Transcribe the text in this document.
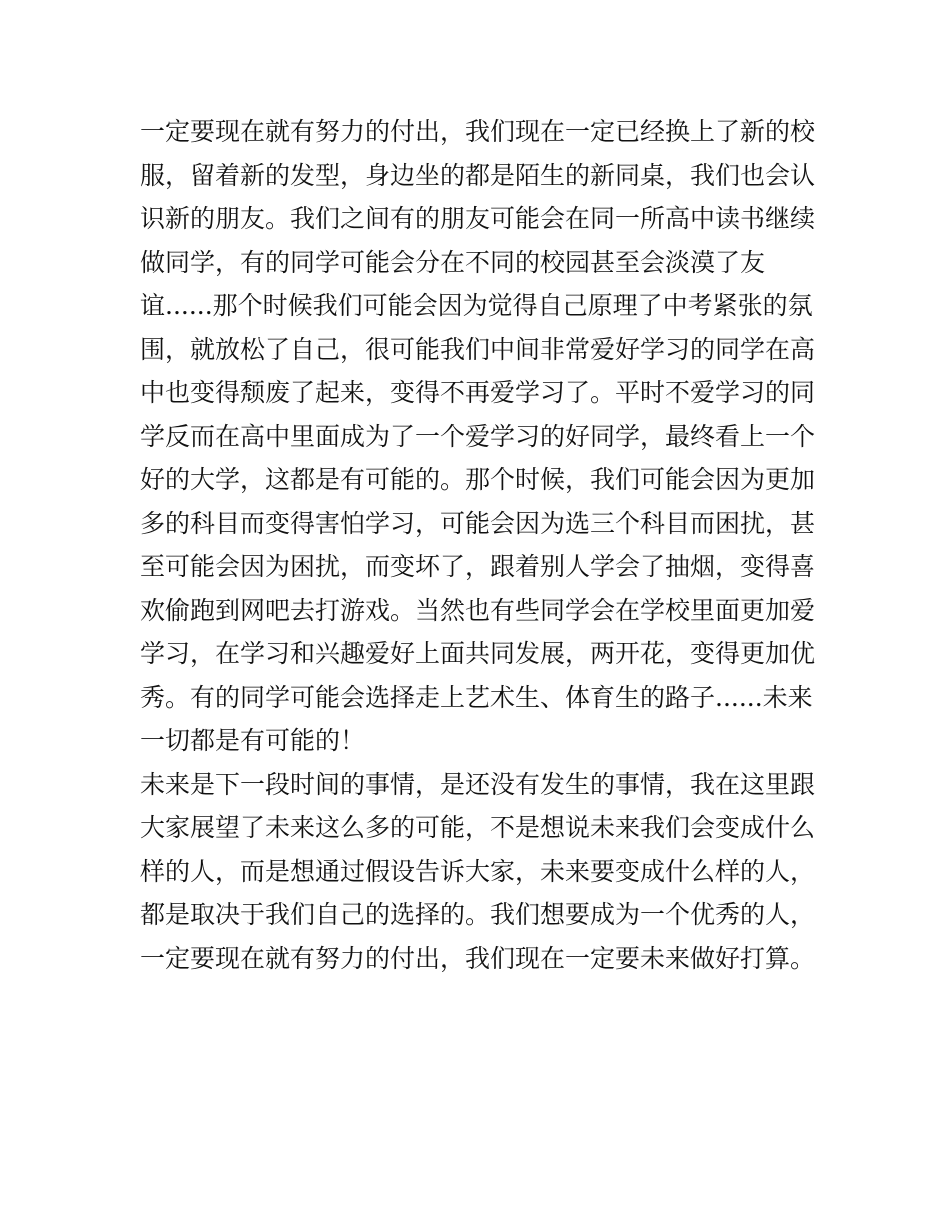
一定要现在就有努力的付出，我们现在一定已经换上了新的校
服，留着新的发型，身边坐的都是陌生的新同桌，我们也会认
识新的朋友。我们之间有的朋友可能会在同一所高中读书继续
做同学，有的同学可能会分在不同的校园甚至会淡漠了友
谊......那个时候我们可能会因为觉得自己原理了中考紧张的氛
围，就放松了自己，很可能我们中间非常爱好学习的同学在高
中也变得颓废了起来，变得不再爱学习了。平时不爱学习的同
学反而在高中里面成为了一个爱学习的好同学，最终看上一个
好的大学，这都是有可能的。那个时候，我们可能会因为更加
多的科目而变得害怕学习，可能会因为选三个科目而困扰，甚
至可能会因为困扰，而变坏了，跟着别人学会了抽烟，变得喜
欢偷跑到网吧去打游戏。当然也有些同学会在学校里面更加爱
学习，在学习和兴趣爱好上面共同发展，两开花，变得更加优
秀。有的同学可能会选择走上艺术生、体育生的路子......未来
一切都是有可能的！
未来是下一段时间的事情，是还没有发生的事情，我在这里跟
大家展望了未来这么多的可能，不是想说未来我们会变成什么
样的人，而是想通过假设告诉大家，未来要变成什么样的人，
都是取决于我们自己的选择的。我们想要成为一个优秀的人，
一定要现在就有努力的付出，我们现在一定要未来做好打算。
